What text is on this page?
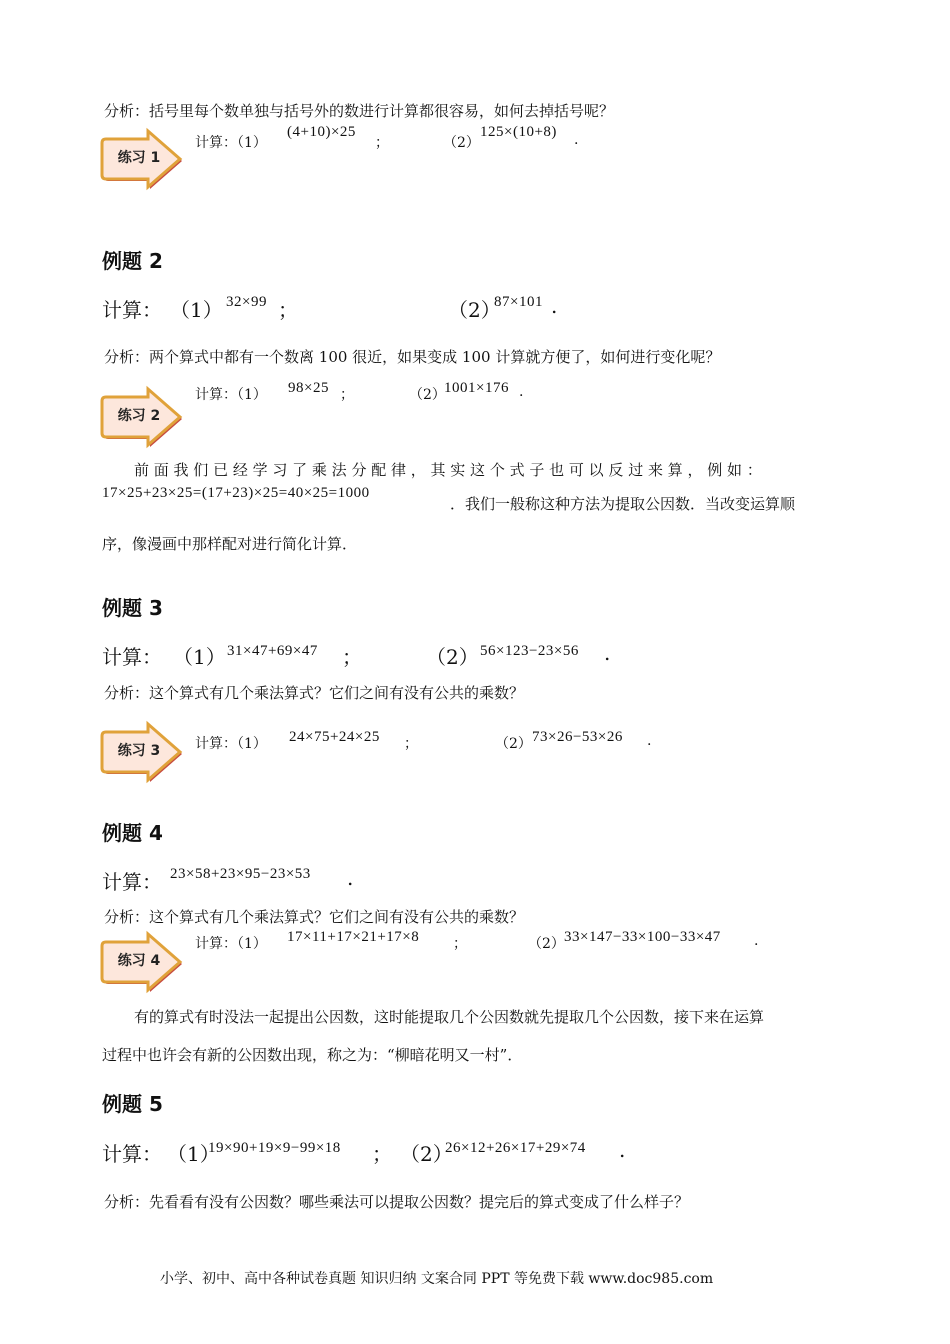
分析：括号里每个数单独与括号外的数进行计算都很容易，如何去掉括号呢？
练习 1
计算：（1）
(4+10)×25
；	（2）
125×(10+8) .
例题 2
计算： （1） 32×99 ；	（2）
87×101 .
分析：两个算式中都有一个数离 100 很近，如果变成 100 计算就方便了，如何进行变化呢？
练习 2
计算：（1） 98×25 ；	（2）
1001×176 .
前 面 我 们 已 经 学 习 了 乘 法 分 配 律 ， 其 实 这 个 式 子 也 可 以 反 过 来 算 ， 例 如 ：
17×25+23×25=(17+23)×25=40×25=1000
．我们一般称这种方法为提取公因数．当改变运算顺
序，像漫画中那样配对进行简化计算．
例题 3
计算： （1） 31×47+69×47 ；	（2） 56×123−23×56 .
分析：这个算式有几个乘法算式？它们之间有没有公共的乘数？
练习 3	计算：（1） 24×75+24×25 ；	（2） 73×26−53×26 .
例题 4
计算： 23×58+23×95−23×53 .
分析：这个算式有几个乘法算式？它们之间有没有公共的乘数？
练习 4
计算：（1） 17×11+17×21+17×8 ；	（2） 33×147−33×100−33×47 .
有的算式有时没法一起提出公因数，这时能提取几个公因数就先提取几个公因数，接下来在运算
过程中也许会有新的公因数出现，称之为：“柳暗花明又一村”．
例题 5
计算： （1）
19×90+19×9−99×18 ； （2）
26×12+26×17+29×74 .
分析：先看看有没有公因数？哪些乘法可以提取公因数？提完后的算式变成了什么样子？
小学、初中、高中各种试卷真题 知识归纳 文案合同 PPT 等免费下载 www.doc985.com
